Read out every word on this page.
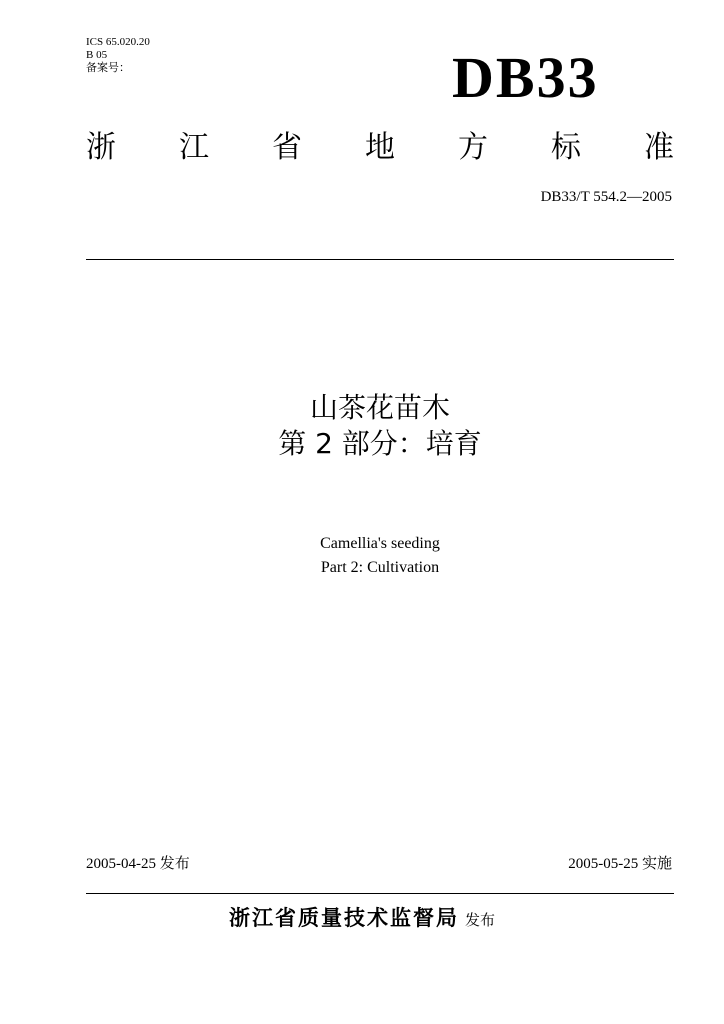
ICS 65.020.20
B 05
备案号：	DB33
浙 江 省 地 方 标 准
DB33/T 554.2—2005
山茶花苗木
第 2 部分：培育
Camellia's seeding
Part 2: Cultivation
2005-04-25 发布	2005-05-25 实施
浙江省质量技术监督局 发布
